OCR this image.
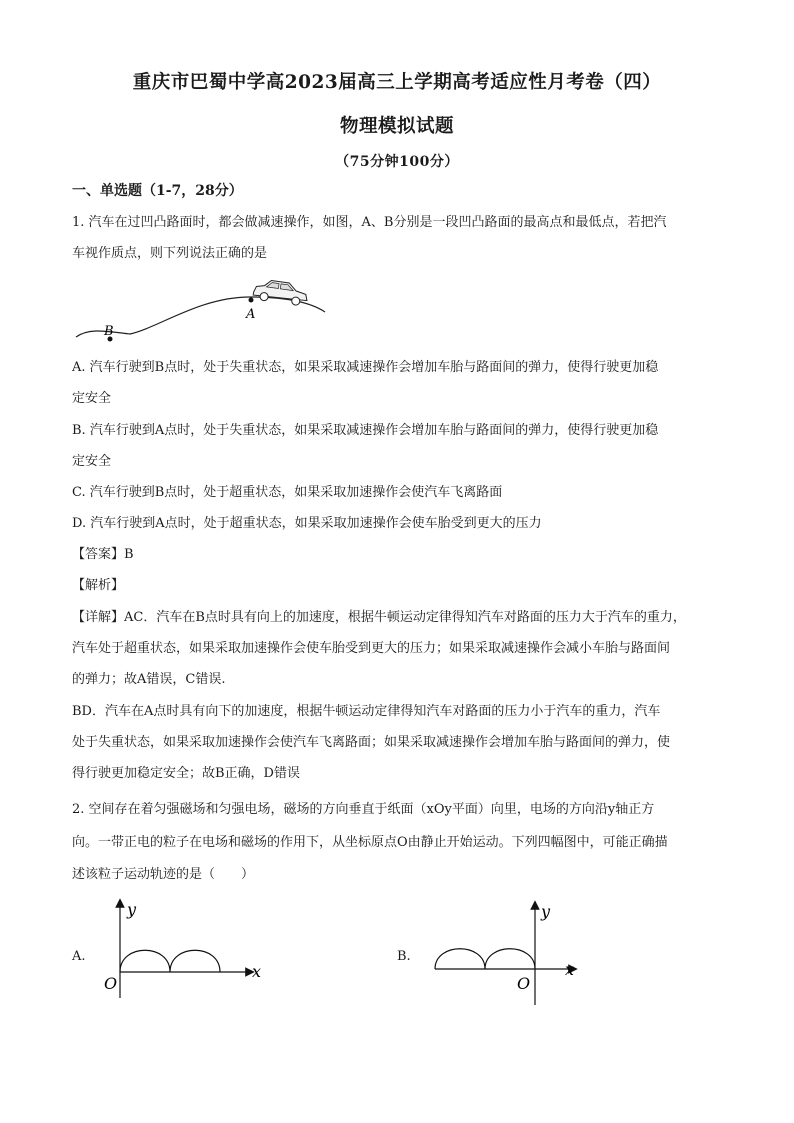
重庆市巴蜀中学高2023届高三上学期高考适应性月考卷（四）
物理模拟试题
（75分钟100分）
一、单选题（1-7，28分）
1. 汽车在过凹凸路面时，都会做减速操作，如图，A、B分别是一段凹凸路面的最高点和最低点，若把汽
车视作质点，则下列说法正确的是
A
B
A. 汽车行驶到B点时，处于失重状态，如果采取减速操作会增加车胎与路面间的弹力，使得行驶更加稳
定安全
B. 汽车行驶到A点时，处于失重状态，如果采取减速操作会增加车胎与路面间的弹力，使得行驶更加稳
定安全
C. 汽车行驶到B点时，处于超重状态，如果采取加速操作会使汽车飞离路面
D. 汽车行驶到A点时，处于超重状态，如果采取加速操作会使车胎受到更大的压力
【答案】B
【解析】
【详解】AC．汽车在B点时具有向上的加速度，根据牛顿运动定律得知汽车对路面的压力大于汽车的重力，
汽车处于超重状态，如果采取加速操作会使车胎受到更大的压力；如果采取减速操作会减小车胎与路面间
的弹力；故A错误，C错误.
BD．汽车在A点时具有向下的加速度，根据牛顿运动定律得知汽车对路面的压力小于汽车的重力，汽车
处于失重状态，如果采取加速操作会使汽车飞离路面；如果采取减速操作会增加车胎与路面间的弹力，使
得行驶更加稳定安全；故B正确，D错误
2. 空间存在着匀强磁场和匀强电场，磁场的方向垂直于纸面（xOy平面）向里，电场的方向沿y轴正方
向。一带正电的粒子在电场和磁场的作用下，从坐标原点O由静止开始运动。下列四幅图中，可能正确描
述该粒子运动轨迹的是（　　）
A.
y
x
O
B.
y
x
O
